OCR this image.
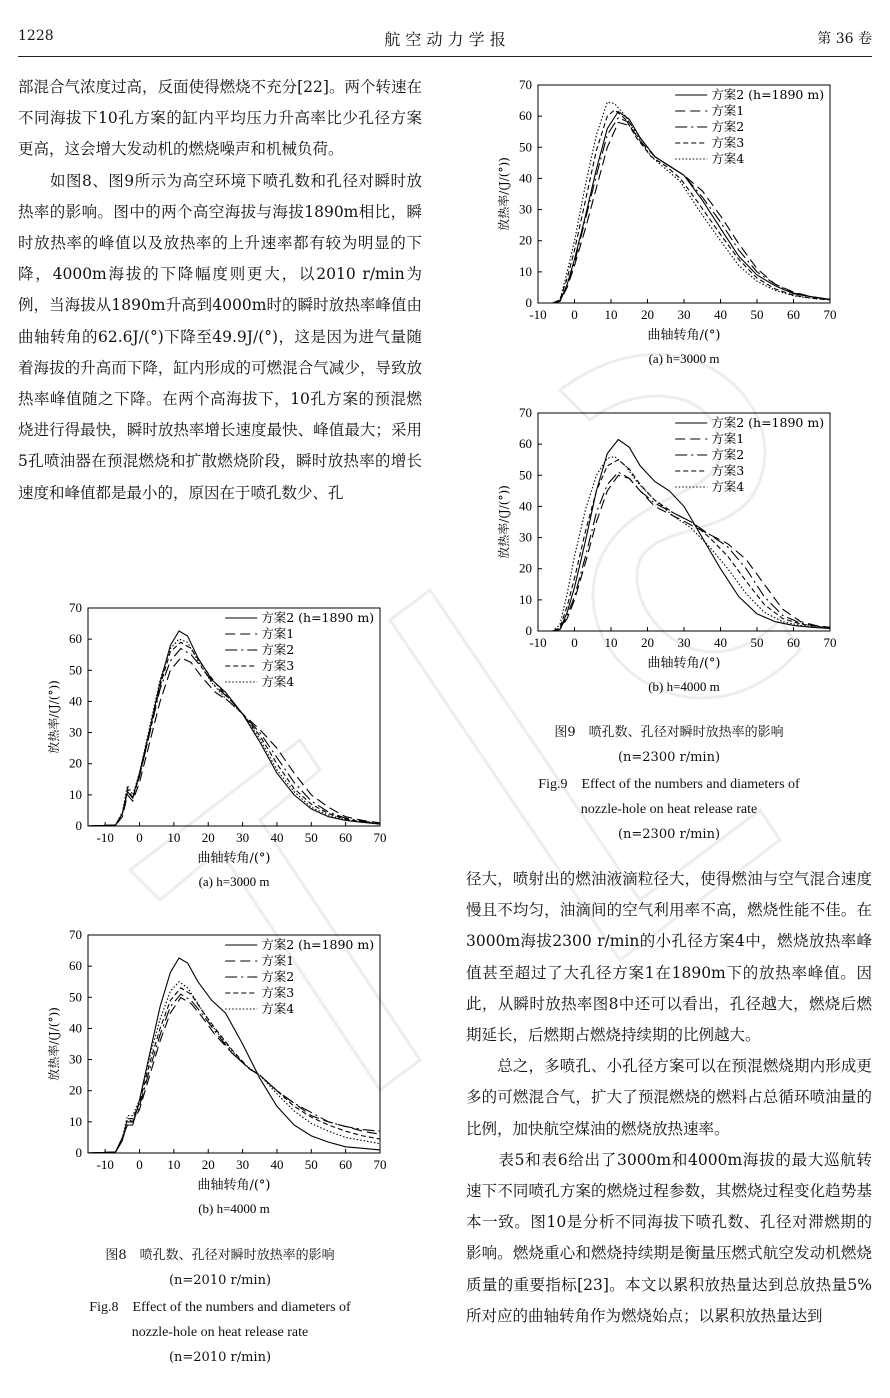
1228	航 空 动 力 学 报	第 36 卷

部混合气浓度过高，反面使得燃烧不充分[22]。两个转速在不同海拔下10孔方案的缸内平均压力升高率比少孔径方案更高，这会增大发动机的燃烧噪声和机械负荷。

　　如图8、图9所示为高空环境下喷孔数和孔径对瞬时放热率的影响。图中的两个高空海拔与海拔1890m相比，瞬时放热率的峰值以及放热率的上升速率都有较为明显的下降，4000m海拔的下降幅度则更大，以2010 r/min为例，当海拔从1890m升高到4000m时的瞬时放热率峰值由曲轴转角的62.6J/(°)下降至49.9J/(°)，这是因为进气量随着海拔的升高而下降，缸内形成的可燃混合气减少，导致放热率峰值随之下降。在两个高海拔下，10孔方案的预混燃烧进行得最快，瞬时放热率增长速度最快、峰值最大；采用5孔喷油器在预混燃烧和扩散燃烧阶段，瞬时放热率的增长速度和峰值都是最小的，原因在于喷孔数少、孔

径大，喷射出的燃油液滴粒径大，使得燃油与空气混合速度慢且不均匀，油滴间的空气利用率不高，燃烧性能不佳。在3000m海拔2300 r/min的小孔径方案4中，燃烧放热率峰值甚至超过了大孔径方案1在1890m下的放热率峰值。因此，从瞬时放热率图8中还可以看出，孔径越大，燃烧后燃期延长，后燃期占燃烧持续期的比例越大。

　　总之，多喷孔、小孔径方案可以在预混燃烧期内形成更多的可燃混合气，扩大了预混燃烧的燃料占总循环喷油量的比例，加快航空煤油的燃烧放热速率。

　　表5和表6给出了3000m和4000m海拔的最大巡航转速下不同喷孔方案的燃烧过程参数，其燃烧过程变化趋势基本一致。图10是分析不同海拔下喷孔数、孔径对滞燃期的影响。燃烧重心和燃烧持续期是衡量压燃式航空发动机燃烧质量的重要指标[23]。本文以累积放热量达到总放热量5%所对应的曲轴转角作为燃烧始点；以累积放热量达到

-10 0 10 20 30 40 50 60 70
0
10
20
30
40
50
60
70
曲轴转角/(°)
放热率/(J/(°))
(a) h=3000 m
方案2 (h=1890 m)
方案1
方案2
方案3
方案4
-10 0 10 20 30 40 50 60 70
0
10
20
30
40
50
60
70
曲轴转角/(°)
放热率/(J/(°))
(b) h=4000 m
方案2 (h=1890 m)
方案1
方案2
方案3
方案4
-10 0 10 20 30 40 50 60 70
0
10
20
30
40
50
60
70
曲轴转角/(°)
放热率/(J/(°))
(a) h=3000 m
方案2 (h=1890 m)
方案1
方案2
方案3
方案4
-10 0 10 20 30 40 50 60 70
0
10
20
30
40
50
60
70
曲轴转角/(°)
放热率/(J/(°))
(b) h=4000 m
方案2 (h=1890 m)
方案1
方案2
方案3
方案4

图9　喷孔数、孔径对瞬时放热率的影响

(n=2300 r/min)

Fig.9　Effect of the numbers and diameters of

nozzle-hole on heat release rate

(n=2300 r/min)

图8　喷孔数、孔径对瞬时放热率的影响

(n=2010 r/min)

Fig.8　Effect of the numbers and diameters of

nozzle-hole on heat release rate

(n=2010 r/min)
